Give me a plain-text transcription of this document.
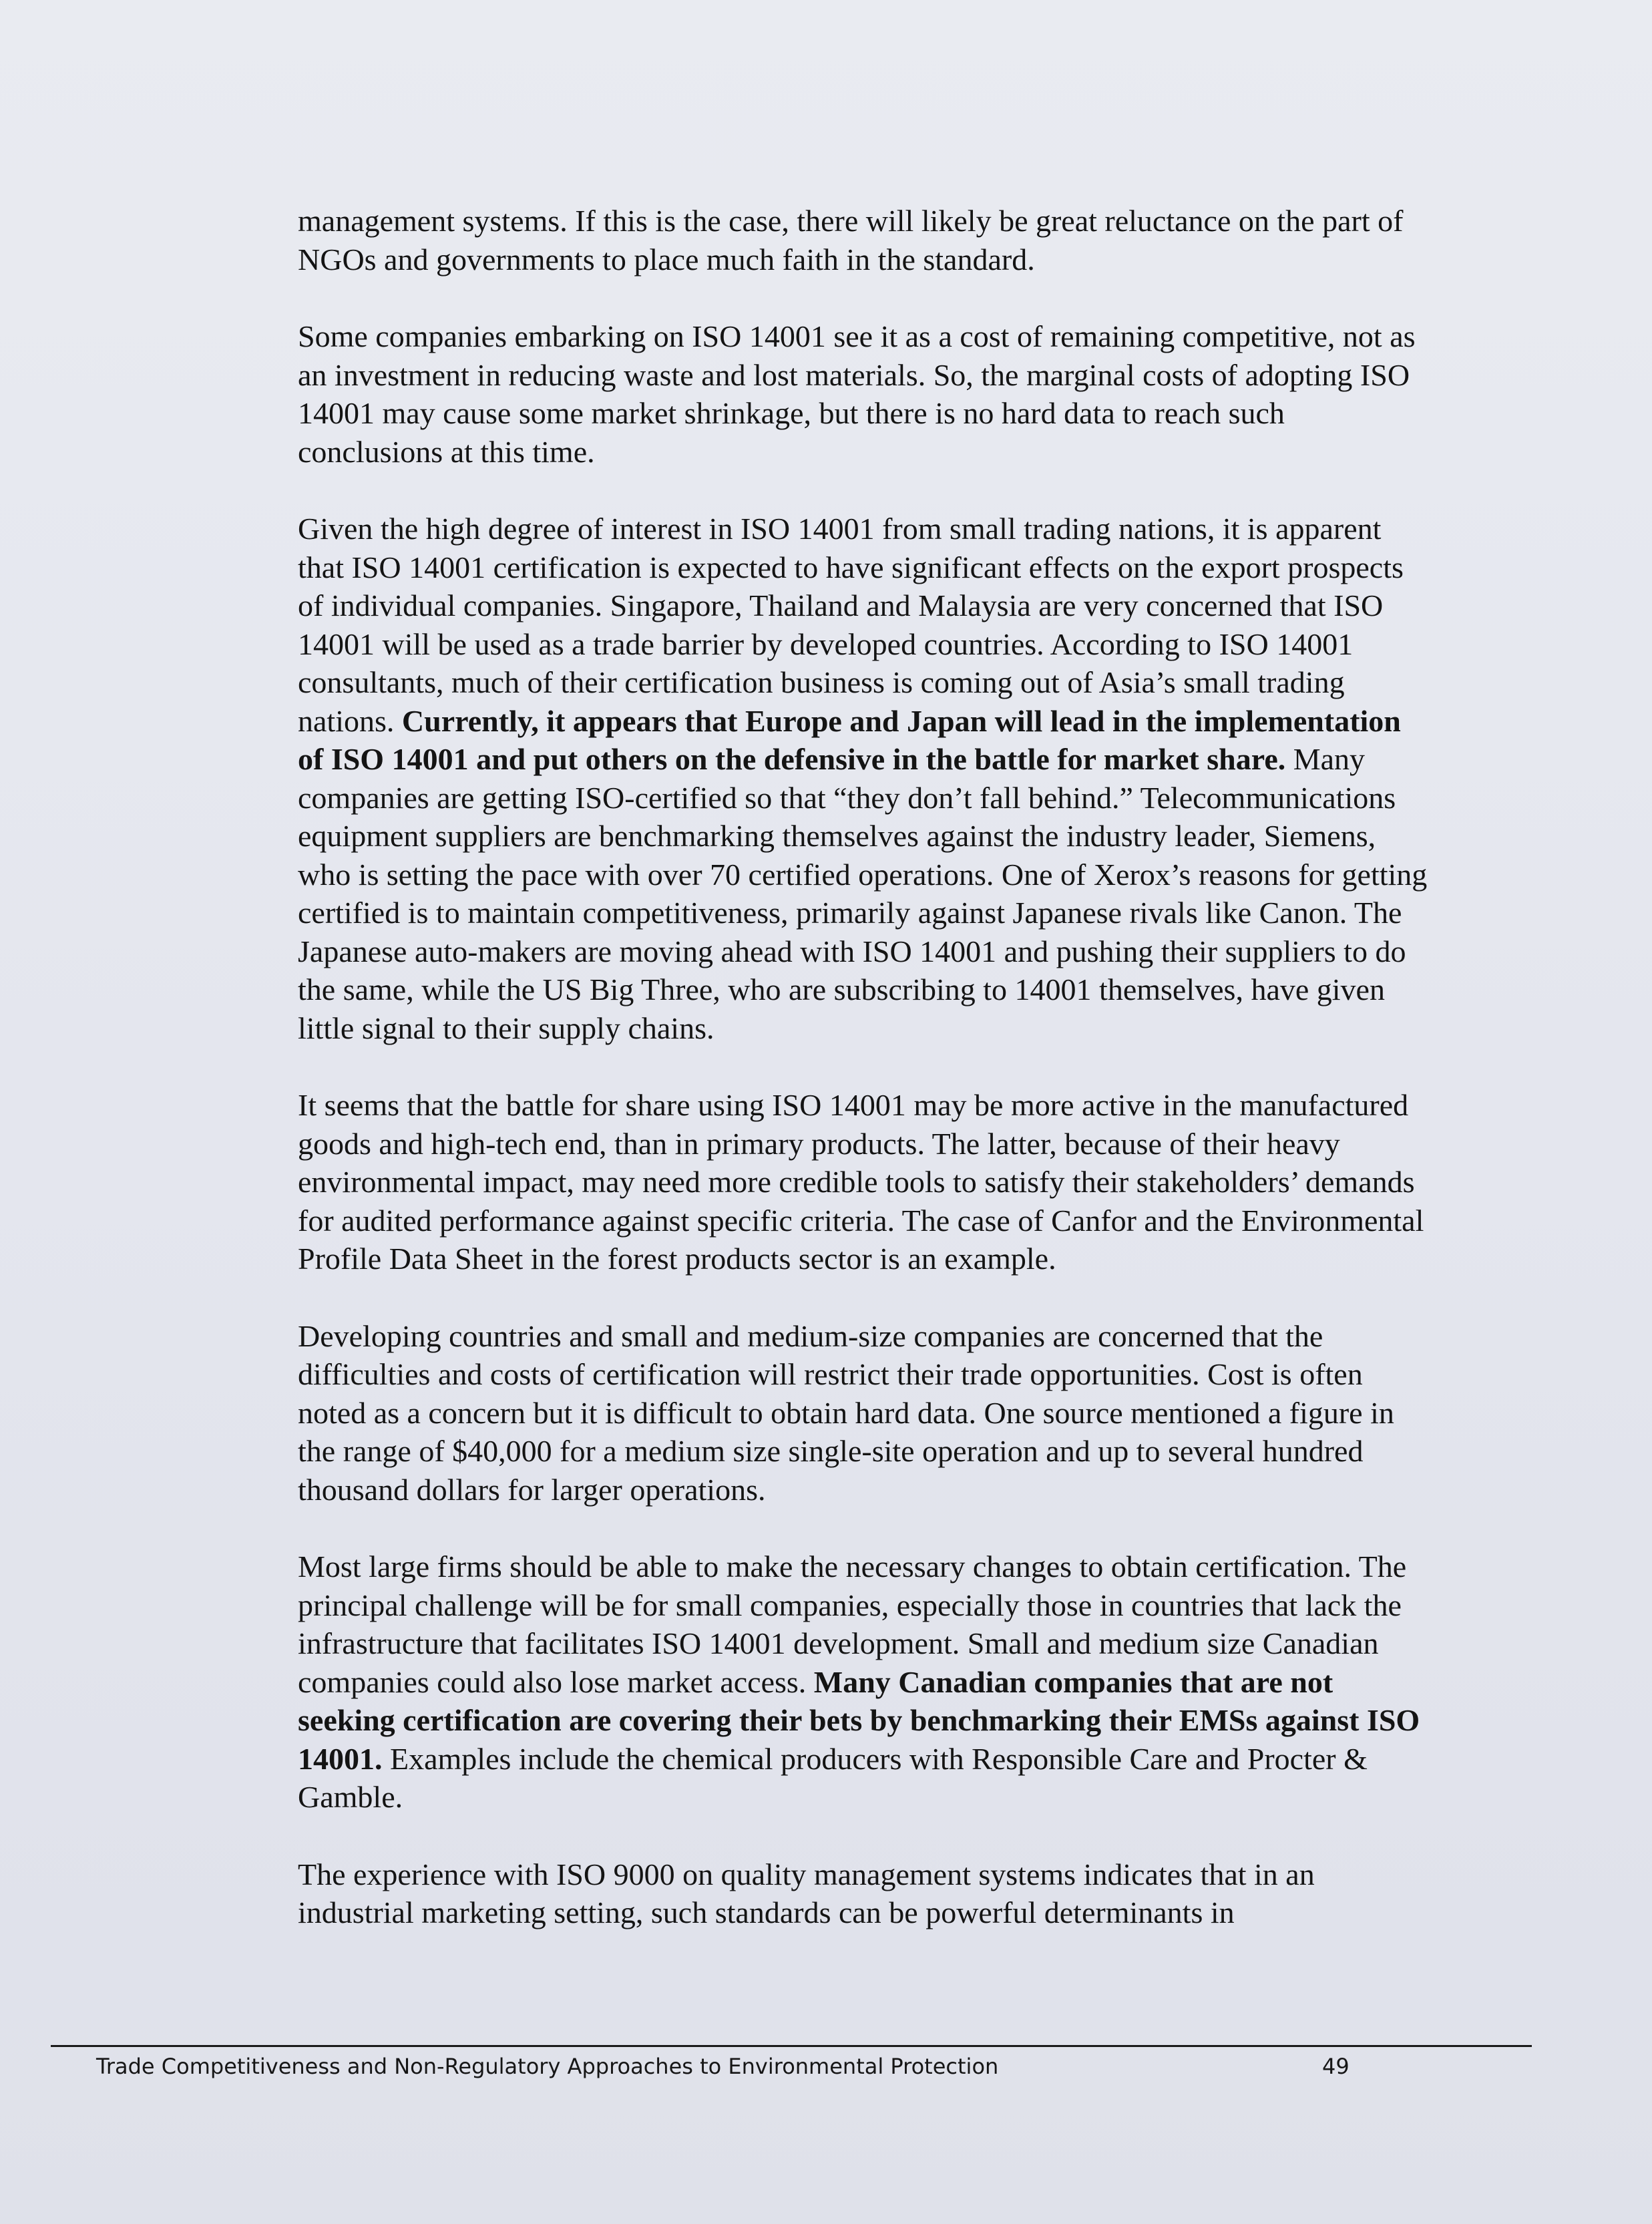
management systems. If this is the case, there will likely be great reluctance on the part of NGOs and governments to place much faith in the standard.

Some companies embarking on ISO 14001 see it as a cost of remaining competitive, not as an investment in reducing waste and lost materials. So, the marginal costs of adopting ISO 14001 may cause some market shrinkage, but there is no hard data to reach such conclusions at this time.

Given the high degree of interest in ISO 14001 from small trading nations, it is apparent that ISO 14001 certification is expected to have significant effects on the export prospects of individual companies. Singapore, Thailand and Malaysia are very concerned that ISO 14001 will be used as a trade barrier by developed countries. According to ISO 14001 consultants, much of their certification business is coming out of Asia’s small trading nations. Currently, it appears that Europe and Japan will lead in the implementation of ISO 14001 and put others on the defensive in the battle for market share. Many companies are getting ISO-certified so that “they don’t fall behind.” Telecommunications equipment suppliers are benchmarking themselves against the industry leader, Siemens, who is setting the pace with over 70 certified operations. One of Xerox’s reasons for getting certified is to maintain competitiveness, primarily against Japanese rivals like Canon. The Japanese auto-makers are moving ahead with ISO 14001 and pushing their suppliers to do the same, while the US Big Three, who are subscribing to 14001 themselves, have given little signal to their supply chains.

It seems that the battle for share using ISO 14001 may be more active in the manufactured goods and high-tech end, than in primary products. The latter, because of their heavy environmental impact, may need more credible tools to satisfy their stakeholders’ demands for audited performance against specific criteria. The case of Canfor and the Environmental Profile Data Sheet in the forest products sector is an example.

Developing countries and small and medium-size companies are concerned that the difficulties and costs of certification will restrict their trade opportunities. Cost is often noted as a concern but it is difficult to obtain hard data. One source mentioned a figure in the range of $40,000 for a medium size single-site operation and up to several hundred thousand dollars for larger operations.

Most large firms should be able to make the necessary changes to obtain certification. The principal challenge will be for small companies, especially those in countries that lack the infrastructure that facilitates ISO 14001 development. Small and medium size Canadian companies could also lose market access. Many Canadian companies that are not seeking certification are covering their bets by benchmarking their EMSs against ISO 14001. Examples include the chemical producers with Responsible Care and Procter & Gamble.

The experience with ISO 9000 on quality management systems indicates that in an industrial marketing setting, such standards can be powerful determinants in

Trade Competitiveness and Non-Regulatory Approaches to Environmental Protection	49
